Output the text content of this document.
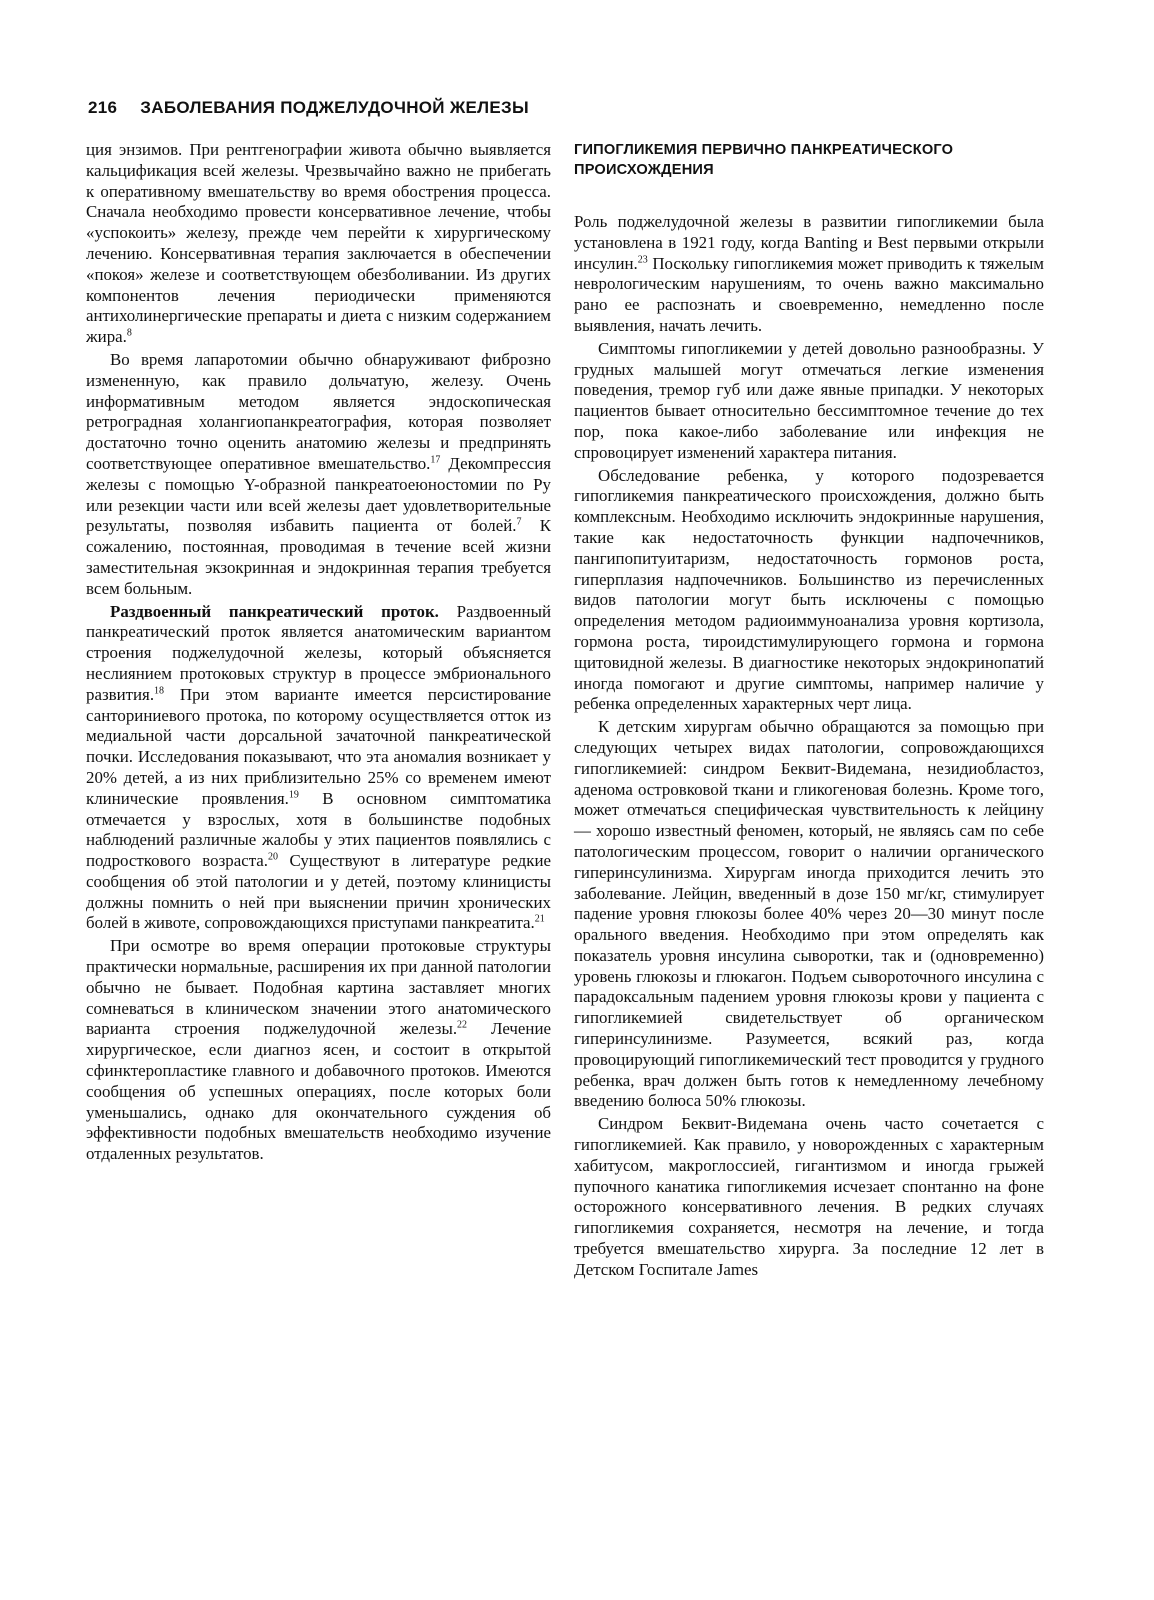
216 ЗАБОЛЕВАНИЯ ПОДЖЕЛУДОЧНОЙ ЖЕЛЕЗЫ

ция энзимов. При рентгенографии живота обычно выявляется кальцификация всей железы. Чрезвычайно важно не прибегать к оперативному вмешательству во время обострения процесса. Сначала необходимо провести консервативное лечение, чтобы «успокоить» железу, прежде чем перейти к хирургическому лечению. Консервативная терапия заключается в обеспечении «покоя» железе и соответствующем обезболивании. Из других компонентов лечения периодически применяются антихолинергические препараты и диета с низким содержанием жира.$^8$

Во время лапаротомии обычно обнаруживают фиброзно измененную, как правило дольчатую, железу. Очень информативным методом является эндоскопическая ретроградная холангиопанкреатография, которая позволяет достаточно точно оценить анатомию железы и предпринять соответствующее оперативное вмешательство.$^{17}$ Декомпрессия железы с помощью Y-образной панкреатоеюностомии по Ру или резекции части или всей железы дает удовлетворительные результаты, позволяя избавить пациента от болей.$^7$ К сожалению, постоянная, проводимая в течение всей жизни заместительная экзокринная и эндокринная терапия требуется всем больным.

Раздвоенный панкреатический проток. Раздвоенный панкреатический проток является анатомическим вариантом строения поджелудочной железы, который объясняется неслиянием протоковых структур в процессе эмбрионального развития.$^{18}$ При этом варианте имеется персистирование санториниевого протока, по которому осуществляется отток из медиальной части дорсальной зачаточной панкреатической почки. Исследования показывают, что эта аномалия возникает у 20% детей, а из них приблизительно 25% со временем имеют клинические проявления.$^{19}$ В основном симптоматика отмечается у взрослых, хотя в большинстве подобных наблюдений различные жалобы у этих пациентов появлялись с подросткового возраста.$^{20}$ Существуют в литературе редкие сообщения об этой патологии и у детей, поэтому клиницисты должны помнить о ней при выяснении причин хронических болей в животе, сопровождающихся приступами панкреатита.$^{21}$

При осмотре во время операции протоковые структуры практически нормальные, расширения их при данной патологии обычно не бывает. Подобная картина заставляет многих сомневаться в клиническом значении этого анатомического варианта строения поджелудочной железы.$^{22}$ Лечение хирургическое, если диагноз ясен, и состоит в открытой сфинктеропластике главного и добавочного протоков. Имеются сообщения об успешных операциях, после которых боли уменьшались, однако для окончательного суждения об эффективности подобных вмешательств необходимо изучение отдаленных результатов.

ГИПОГЛИКЕМИЯ ПЕРВИЧНО ПАНКРЕАТИЧЕСКОГО ПРОИСХОЖДЕНИЯ

Роль поджелудочной железы в развитии гипогликемии была установлена в 1921 году, когда Banting и Best первыми открыли инсулин.$^{23}$ Поскольку гипогликемия может приводить к тяжелым неврологическим нарушениям, то очень важно максимально рано ее распознать и своевременно, немедленно после выявления, начать лечить.

Симптомы гипогликемии у детей довольно разнообразны. У грудных малышей могут отмечаться легкие изменения поведения, тремор губ или даже явные припадки. У некоторых пациентов бывает относительно бессимптомное течение до тех пор, пока какое-либо заболевание или инфекция не спровоцирует изменений характера питания.

Обследование ребенка, у которого подозревается гипогликемия панкреатического происхождения, должно быть комплексным. Необходимо исключить эндокринные нарушения, такие как недостаточность функции надпочечников, пангипопитуитаризм, недостаточность гормонов роста, гиперплазия надпочечников. Большинство из перечисленных видов патологии могут быть исключены с помощью определения методом радиоиммуноанализа уровня кортизола, гормона роста, тироидстимулирующего гормона и гормона щитовидной железы. В диагностике некоторых эндокринопатий иногда помогают и другие симптомы, например наличие у ребенка определенных характерных черт лица.

К детским хирургам обычно обращаются за помощью при следующих четырех видах патологии, сопровождающихся гипогликемией: синдром Беквит-Видемана, незидиобластоз, аденома островковой ткани и гликогеновая болезнь. Кроме того, может отмечаться специфическая чувствительность к лейцину — хорошо известный феномен, который, не являясь сам по себе патологическим процессом, говорит о наличии органического гиперинсулинизма. Хирургам иногда приходится лечить это заболевание. Лейцин, введенный в дозе 150 мг/кг, стимулирует падение уровня глюкозы более 40% через 20—30 минут после орального введения. Необходимо при этом определять как показатель уровня инсулина сыворотки, так и (одновременно) уровень глюкозы и глюкагон. Подъем сывороточного инсулина с парадоксальным падением уровня глюкозы крови у пациента с гипогликемией свидетельствует об органическом гиперинсулинизме. Разумеется, всякий раз, когда провоцирующий гипогликемический тест проводится у грудного ребенка, врач должен быть готов к немедленному лечебному введению болюса 50% глюкозы.

Синдром Беквит-Видемана очень часто сочетается с гипогликемией. Как правило, у новорожденных с характерным хабитусом, макроглоссией, гигантизмом и иногда грыжей пупочного канатика гипогликемия исчезает спонтанно на фоне осторожного консервативного лечения. В редких случаях гипогликемия сохраняется, несмотря на лечение, и тогда требуется вмешательство хирурга. За последние 12 лет в Детском Госпитале James
